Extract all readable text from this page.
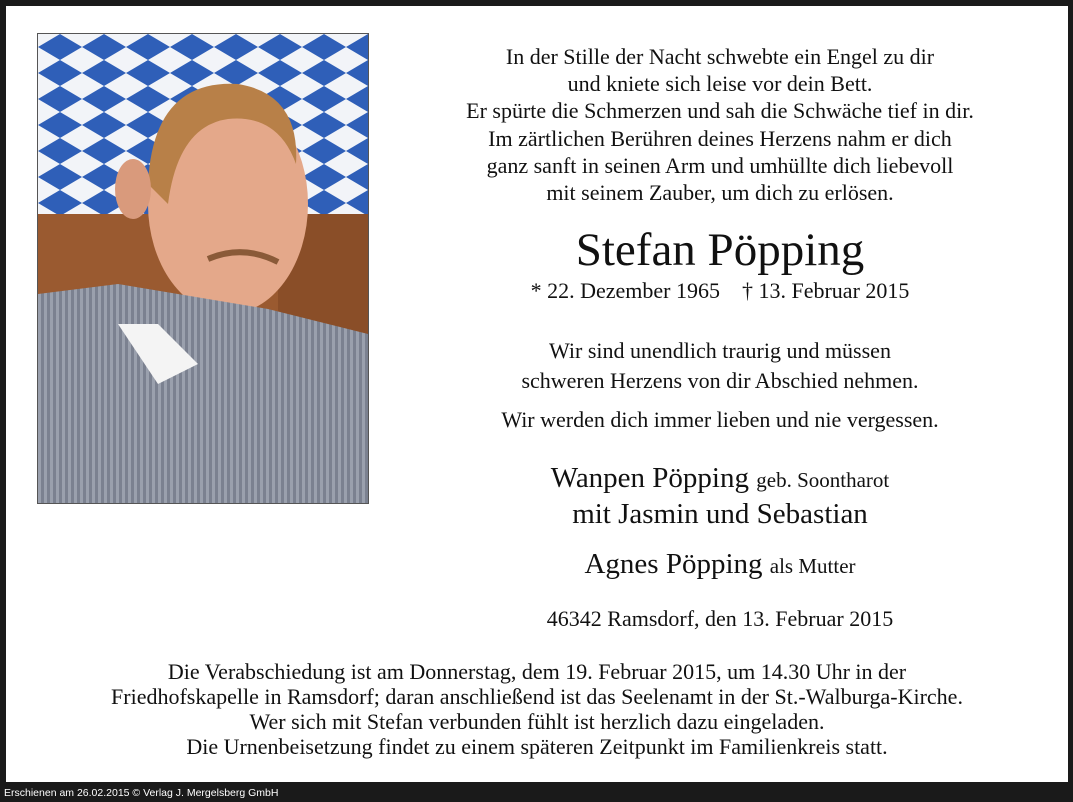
In der Stille der Nacht schwebte ein Engel zu dir
und kniete sich leise vor dein Bett.
Er spürte die Schmerzen und sah die Schwäche tief in dir.
Im zärtlichen Berühren deines Herzens nahm er dich
ganz sanft in seinen Arm und umhüllte dich liebevoll
mit seinem Zauber, um dich zu erlösen.
Stefan Pöpping
* 22. Dezember 1965 † 13. Februar 2015
Wir sind unendlich traurig und müssen
schweren Herzens von dir Abschied nehmen.
Wir werden dich immer lieben und nie vergessen.
Wanpen Pöpping geb. Soontharot
mit Jasmin und Sebastian
Agnes Pöpping als Mutter
46342 Ramsdorf, den 13. Februar 2015
Die Verabschiedung ist am Donnerstag, dem 19. Februar 2015, um 14.30 Uhr in der
Friedhofskapelle in Ramsdorf; daran anschließend ist das Seelenamt in der St.-Walburga-Kirche.
Wer sich mit Stefan verbunden fühlt ist herzlich dazu eingeladen.
Die Urnenbeisetzung findet zu einem späteren Zeitpunkt im Familienkreis statt.
Erschienen am 26.02.2015 © Verlag J. Mergelsberg GmbH
